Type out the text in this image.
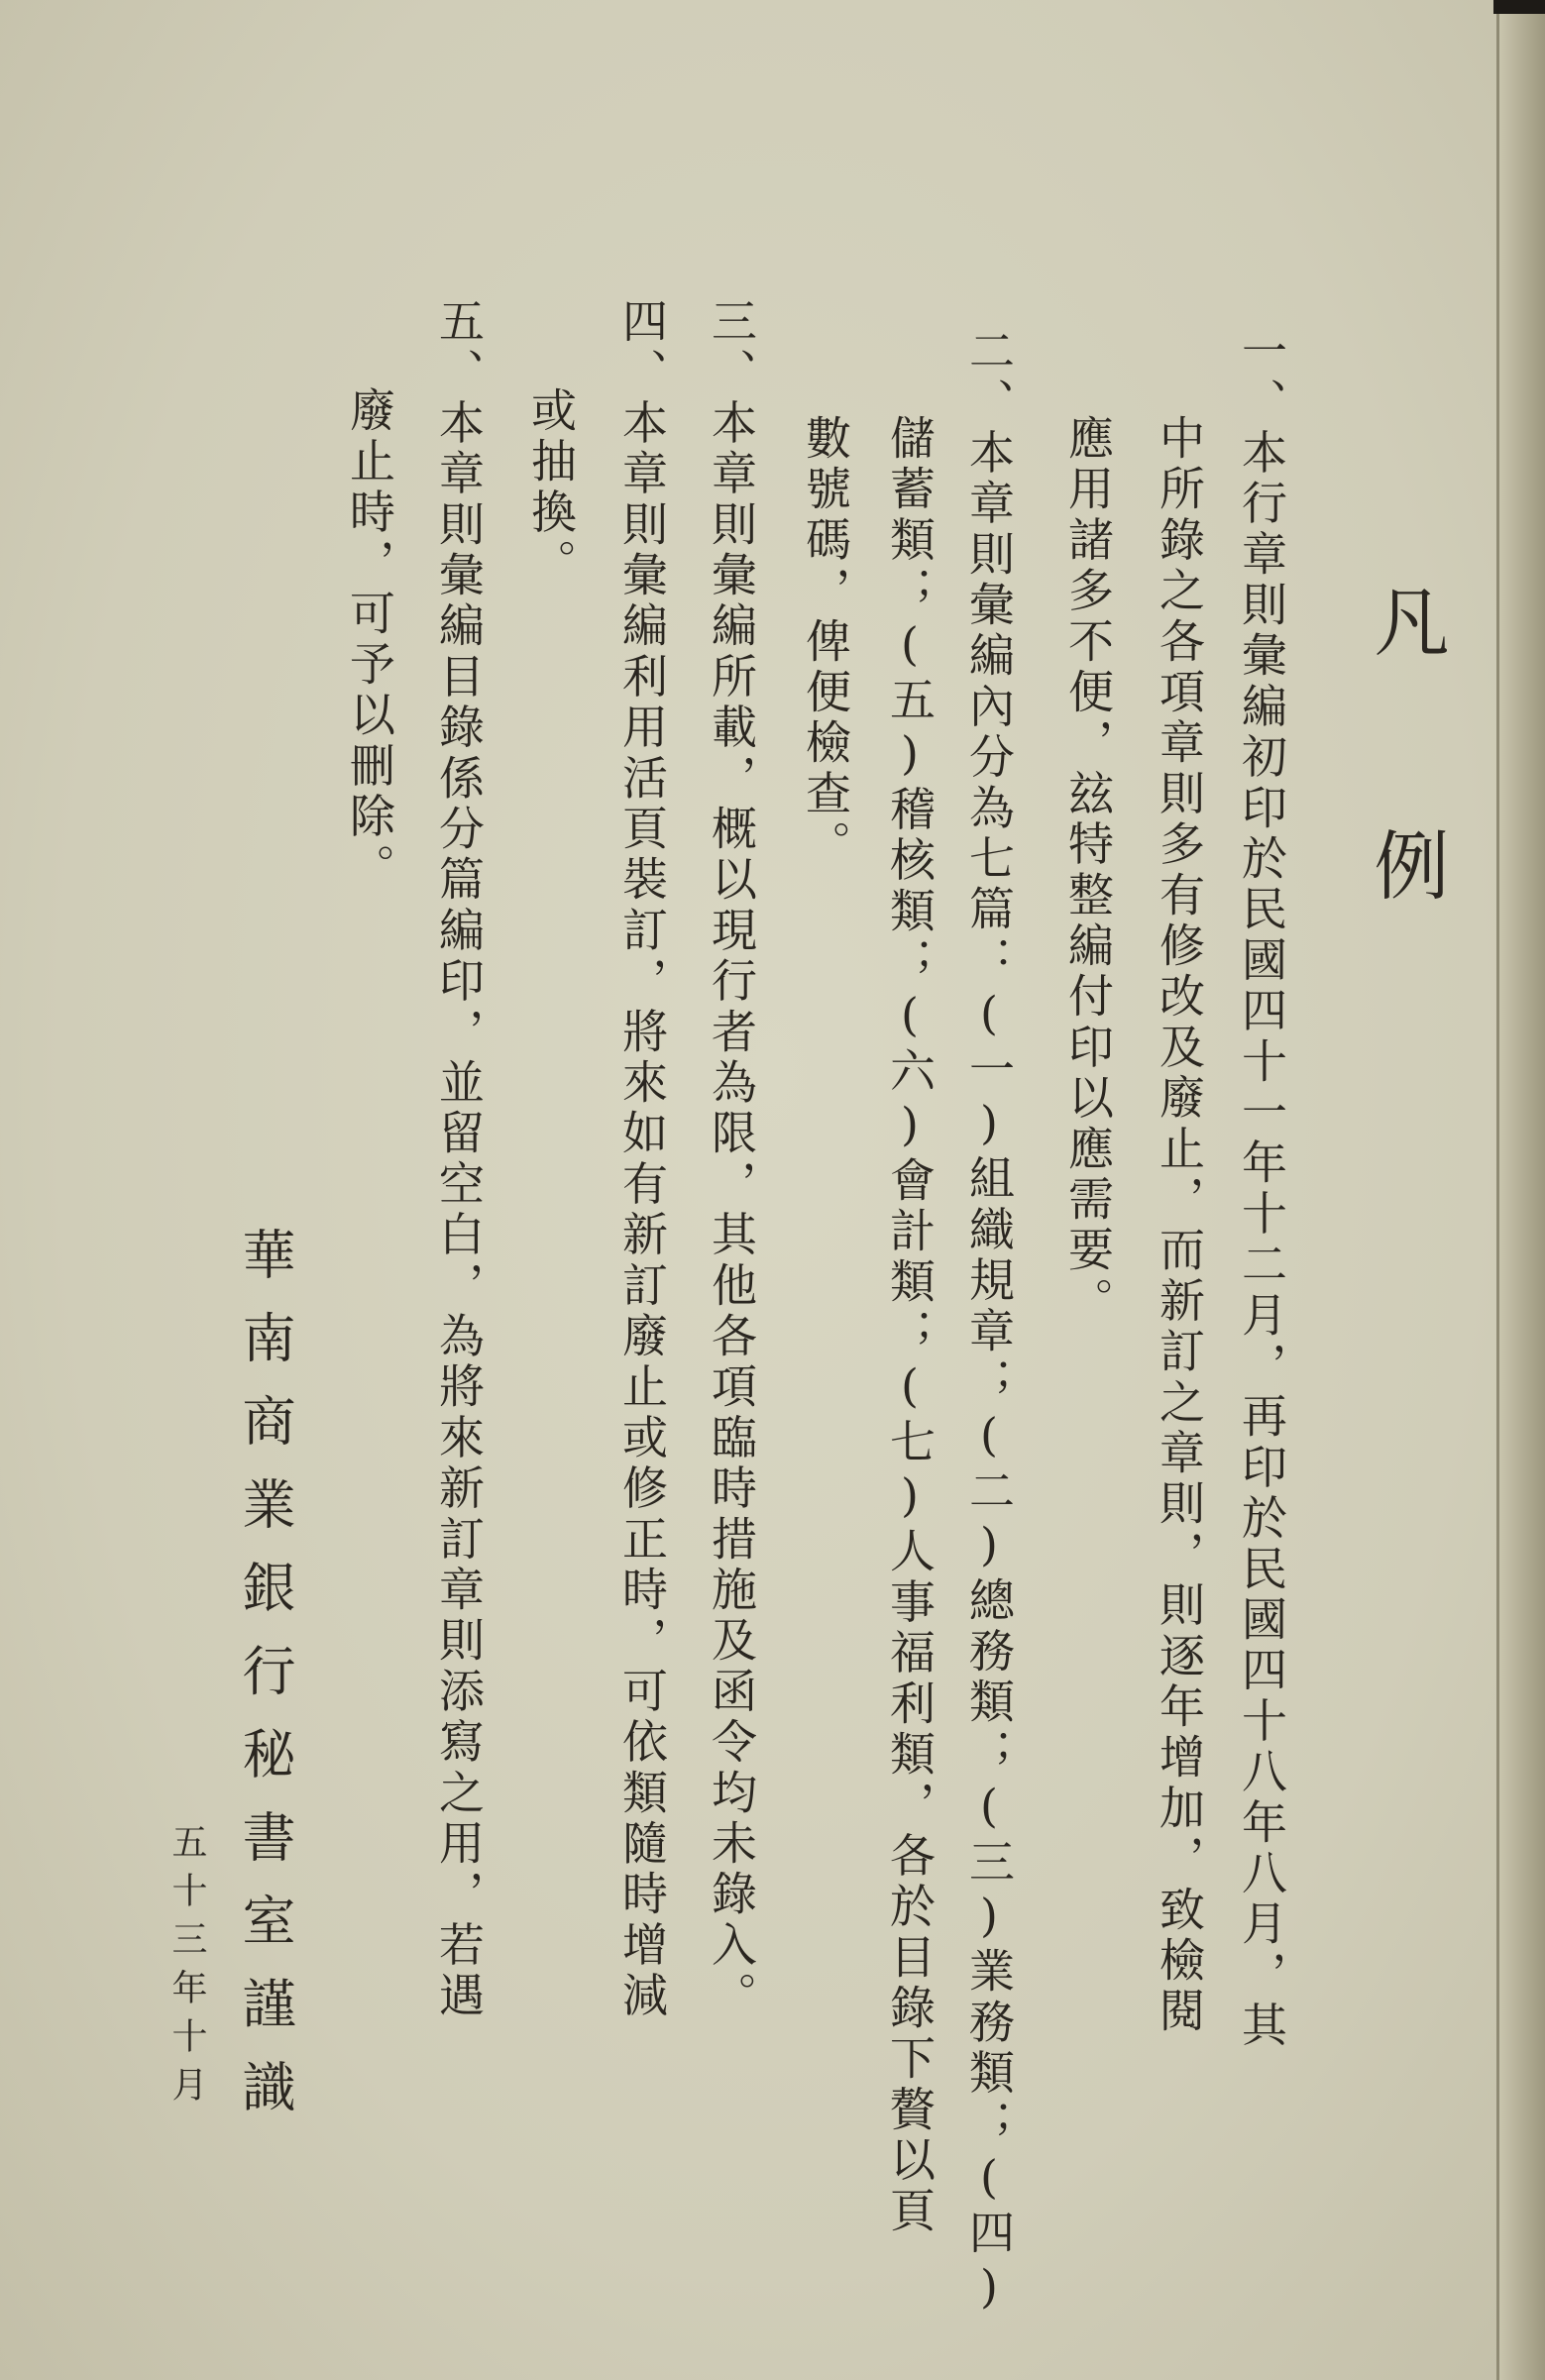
凡例
一、本行章則彙編初印於民國四十一年十二月，再印於民國四十八年八月，其
中所錄之各項章則多有修改及廢止，而新訂之章則，則逐年增加，致檢閱
應用諸多不便，玆特整編付印以應需要。
二、本章則彙編內分為七篇：(一)組織規章；(二)總務類；(三)業務類；(四)
儲蓄類；(五)稽核類；(六)會計類；(七)人事福利類，各於目錄下贅以頁
數號碼，俾便檢查。
三、本章則彙編所載，概以現行者為限，其他各項臨時措施及函令均未錄入。
四、本章則彙編利用活頁裝訂，將來如有新訂廢止或修正時，可依類隨時增減
或抽換。
五、本章則彙編目錄係分篇編印，並留空白，為將來新訂章則添寫之用，若遇
廢止時，可予以刪除。
華南商業銀行秘書室謹識
五十三年十月
